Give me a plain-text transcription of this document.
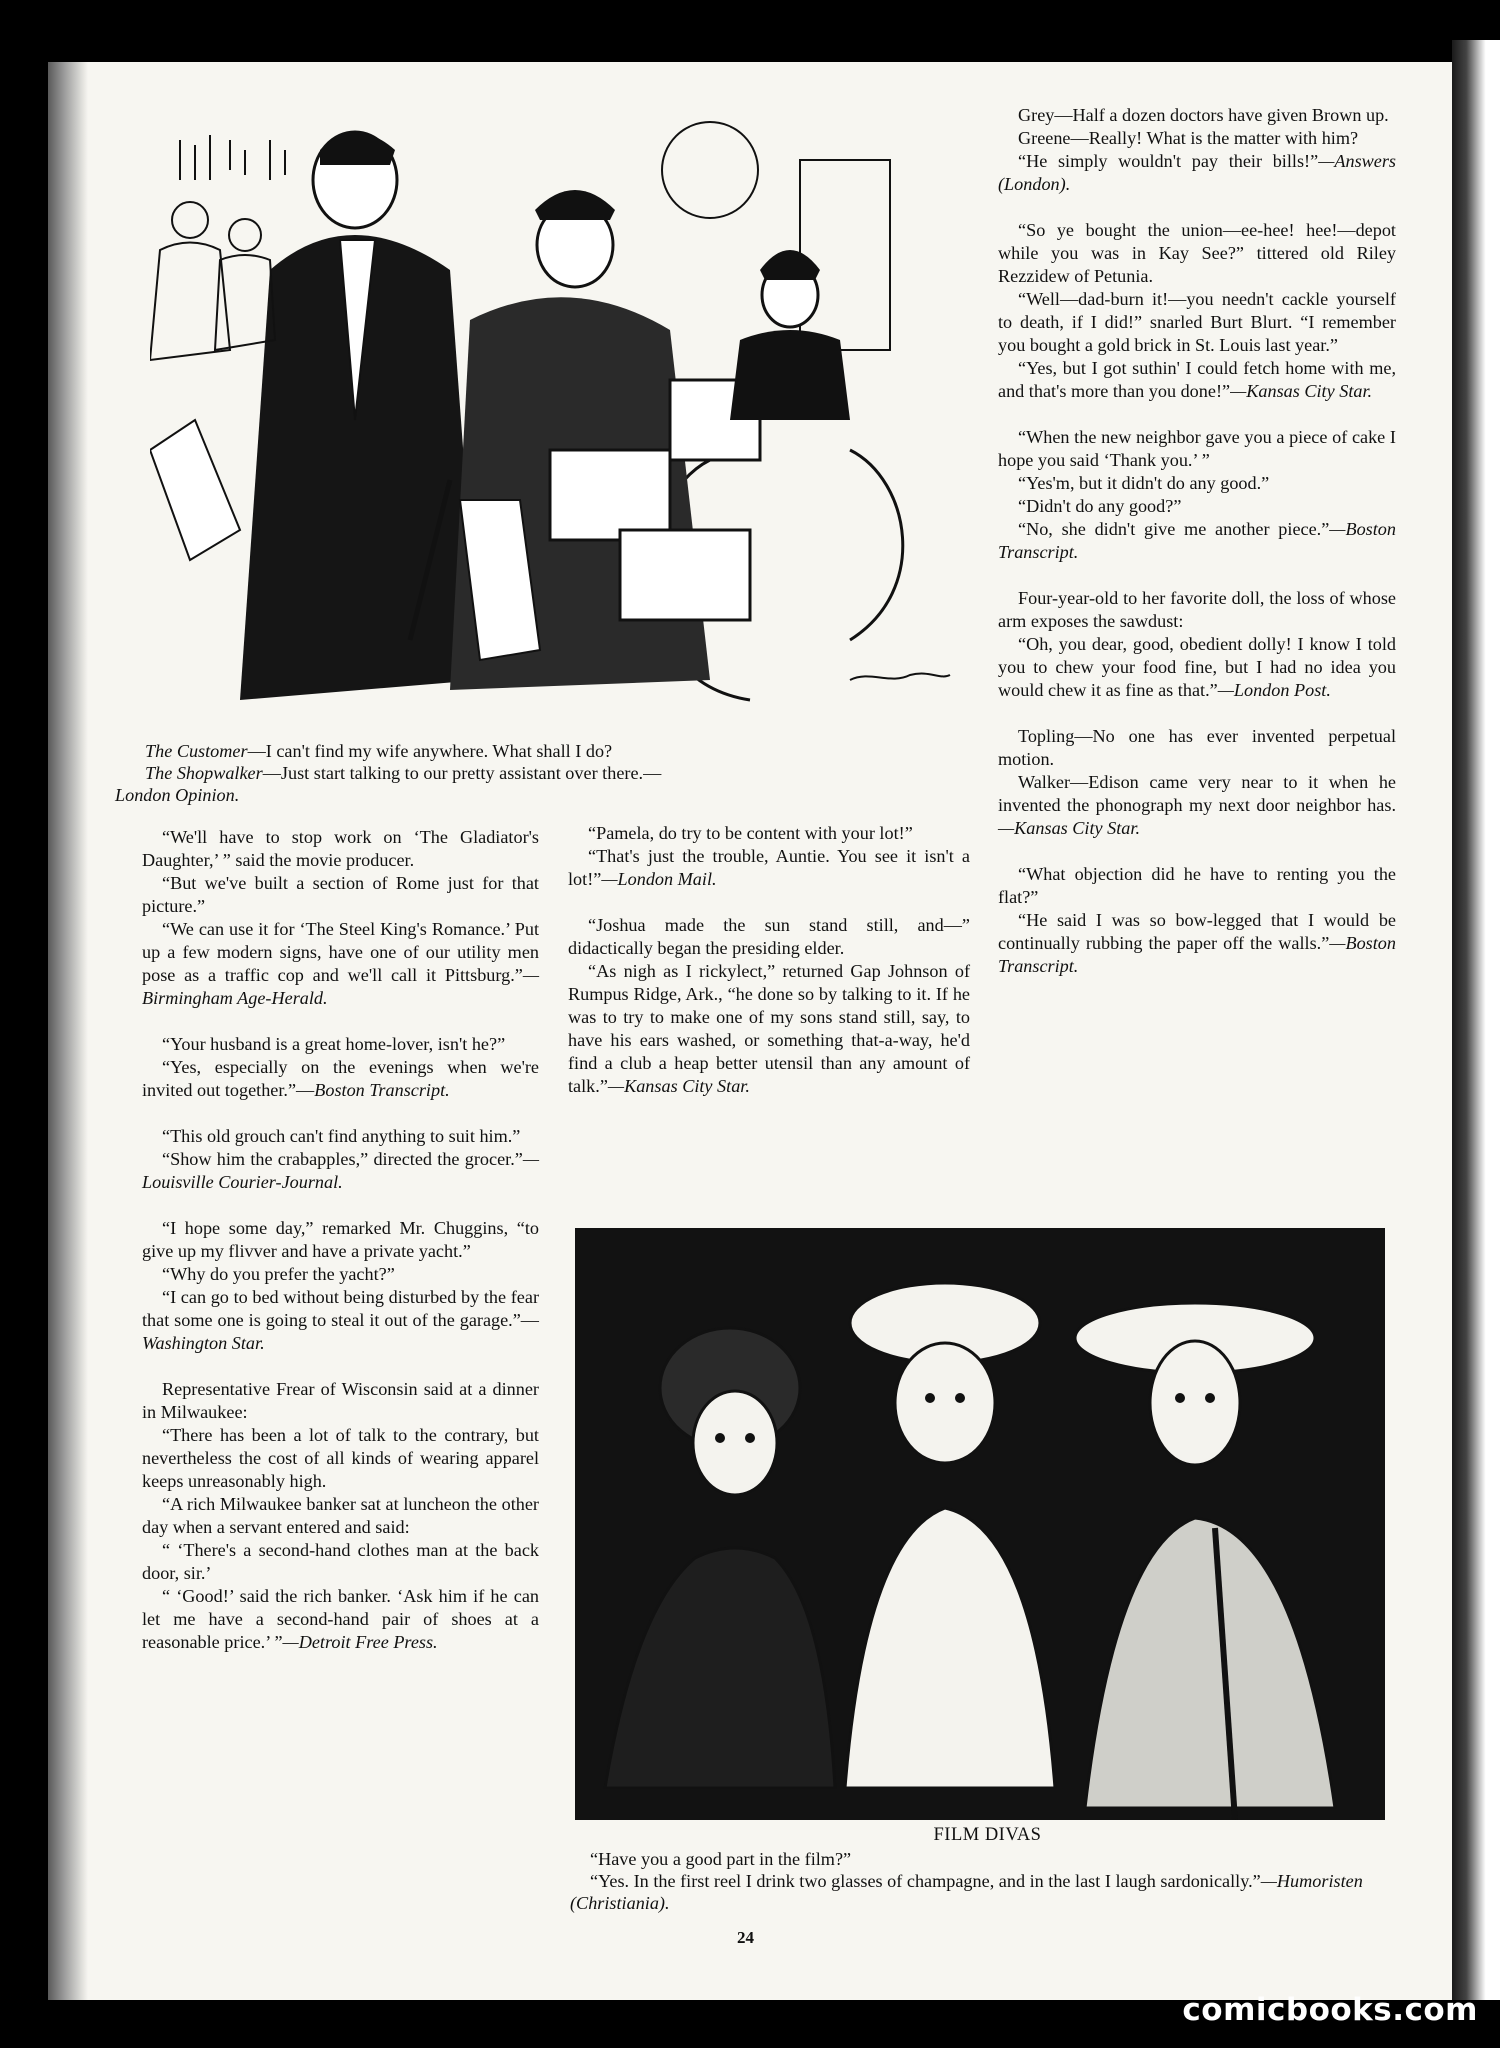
The Customer—I can't find my wife anywhere. What shall I do?

The Shopwalker—Just start talking to our pretty assistant over there.—

London Opinion.

“We'll have to stop work on ‘The Gladiator's Daughter,’ ” said the movie producer.

“But we've built a section of Rome just for that picture.”

“We can use it for ‘The Steel King's Romance.’ Put up a few modern signs, have one of our utility men pose as a traffic cop and we'll call it Pittsburg.”—Birmingham Age-Herald.

“Your husband is a great home-lover, isn't he?”

“Yes, especially on the evenings when we're invited out together.”—Boston Transcript.

“This old grouch can't find anything to suit him.”

“Show him the crabapples,” directed the grocer.”—Louisville Courier-Journal.

“I hope some day,” remarked Mr. Chuggins, “to give up my flivver and have a private yacht.”

“Why do you prefer the yacht?”

“I can go to bed without being disturbed by the fear that some one is going to steal it out of the garage.”—Washington Star.

Representative Frear of Wisconsin said at a dinner in Milwaukee:

“There has been a lot of talk to the contrary, but nevertheless the cost of all kinds of wearing apparel keeps unreasonably high.

“A rich Milwaukee banker sat at luncheon the other day when a servant entered and said:

“ ‘There's a second-hand clothes man at the back door, sir.’

“ ‘Good!’ said the rich banker. ‘Ask him if he can let me have a second-hand pair of shoes at a reasonable price.’ ”—Detroit Free Press.

“Pamela, do try to be content with your lot!”

“That's just the trouble, Auntie. You see it isn't a lot!”—London Mail.

“Joshua made the sun stand still, and—” didactically began the presiding elder.

“As nigh as I rickylect,” returned Gap Johnson of Rumpus Ridge, Ark., “he done so by talking to it. If he was to try to make one of my sons stand still, say, to have his ears washed, or something that-a-way, he'd find a club a heap better utensil than any amount of talk.”—Kansas City Star.

Grey—Half a dozen doctors have given Brown up.

Greene—Really! What is the matter with him?

“He simply wouldn't pay their bills!”—Answers (London).

“So ye bought the union—ee-hee! hee!—depot while you was in Kay See?” tittered old Riley Rezzidew of Petunia.

“Well—dad-burn it!—you needn't cackle yourself to death, if I did!” snarled Burt Blurt. “I remember you bought a gold brick in St. Louis last year.”

“Yes, but I got suthin' I could fetch home with me, and that's more than you done!”—Kansas City Star.

“When the new neighbor gave you a piece of cake I hope you said ‘Thank you.’ ”

“Yes'm, but it didn't do any good.”

“Didn't do any good?”

“No, she didn't give me another piece.”—Boston Transcript.

Four-year-old to her favorite doll, the loss of whose arm exposes the sawdust:

“Oh, you dear, good, obedient dolly! I know I told you to chew your food fine, but I had no idea you would chew it as fine as that.”—London Post.

Topling—No one has ever invented perpetual motion.

Walker—Edison came very near to it when he invented the phonograph my next door neighbor has.—Kansas City Star.

“What objection did he have to renting you the flat?”

“He said I was so bow-legged that I would be continually rubbing the paper off the walls.”—Boston Transcript.

FILM DIVAS

“Have you a good part in the film?”

“Yes. In the first reel I drink two glasses of champagne, and in the last I laugh sardonically.”—Humoristen (Christiania).

24
comicbooks.com
